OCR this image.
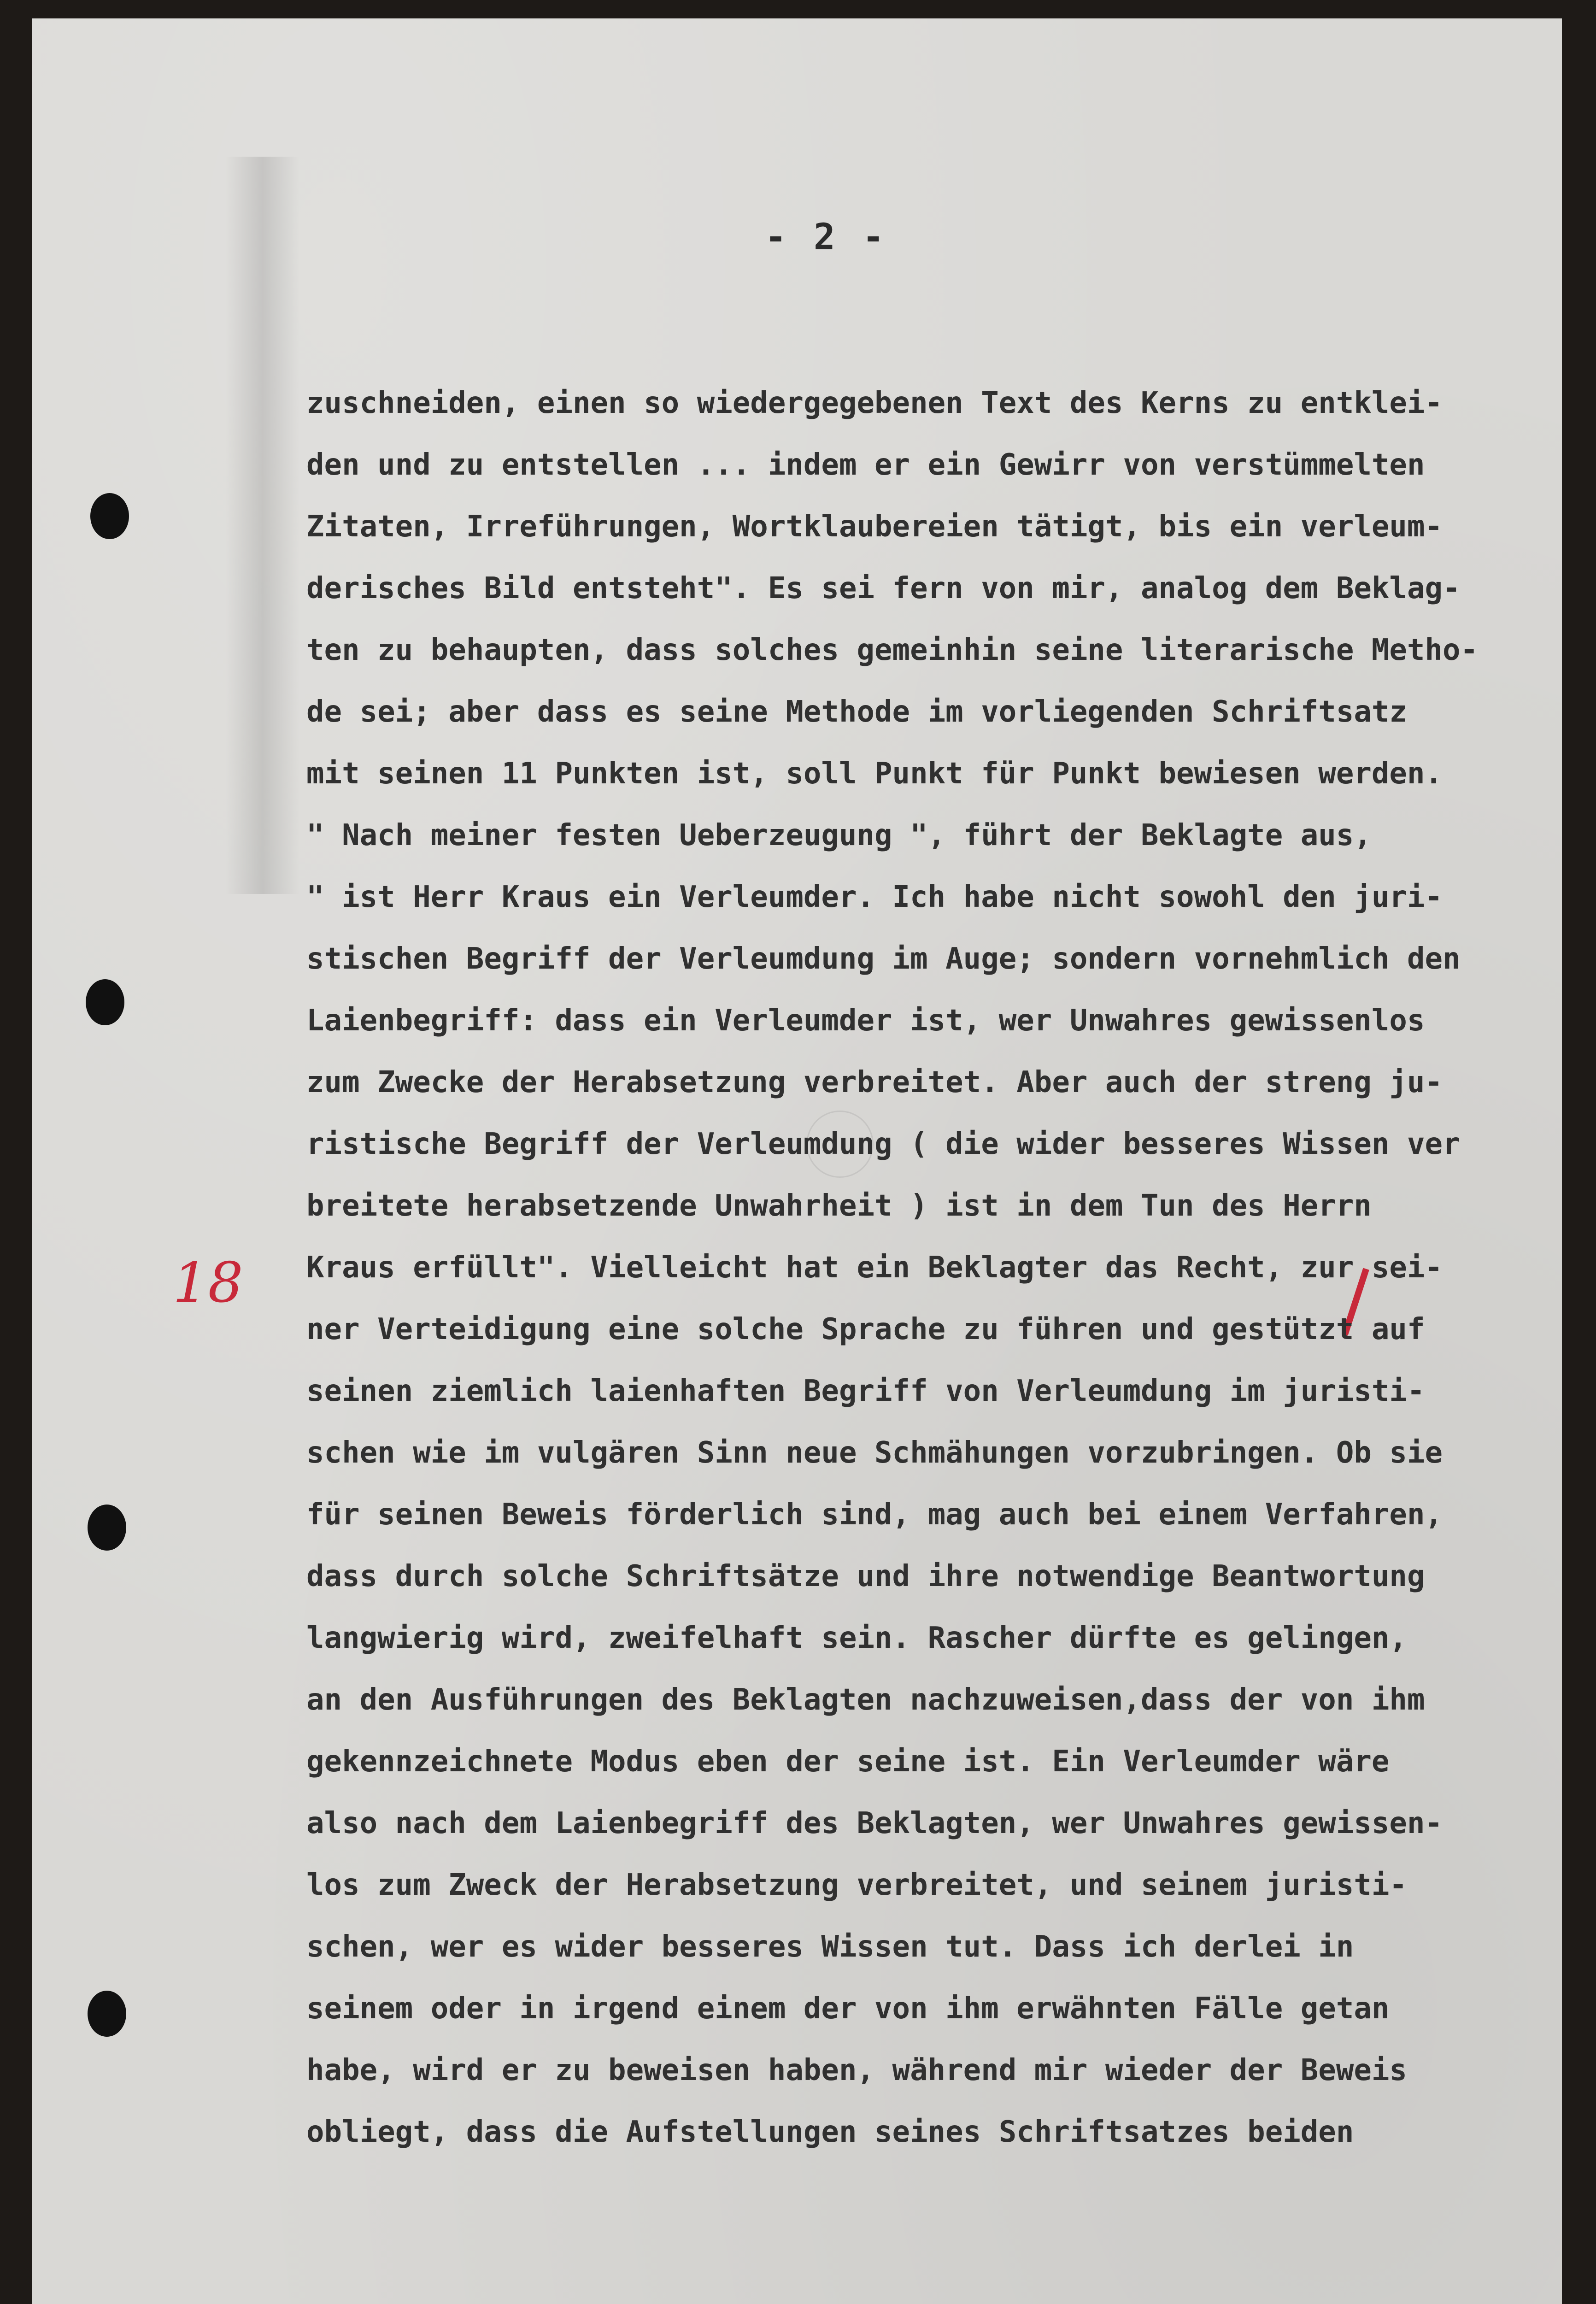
- 2 -
18
zuschneiden, einen so wiedergegebenen Text des Kerns zu entklei-
den und zu entstellen ... indem er ein Gewirr von verstümmelten
Zitaten, Irreführungen, Wortklaubereien tätigt, bis ein verleum-
derisches Bild entsteht". Es sei fern von mir, analog dem Beklag-
ten zu behaupten, dass solches gemeinhin seine literarische Metho-
de sei; aber dass es seine Methode im vorliegenden Schriftsatz
mit seinen 11 Punkten ist, soll Punkt für Punkt bewiesen werden.
" Nach meiner festen Ueberzeugung ", führt der Beklagte aus,
" ist Herr Kraus ein Verleumder. Ich habe nicht sowohl den juri-
stischen Begriff der Verleumdung im Auge; sondern vornehmlich den
Laienbegriff: dass ein Verleumder ist, wer Unwahres gewissenlos
zum Zwecke der Herabsetzung verbreitet. Aber auch der streng ju-
ristische Begriff der Verleumdung ( die wider besseres Wissen ver
breitete herabsetzende Unwahrheit ) ist in dem Tun des Herrn
Kraus erfüllt". Vielleicht hat ein Beklagter das Recht, zur sei-
ner Verteidigung eine solche Sprache zu führen und gestützt auf
seinen ziemlich laienhaften Begriff von Verleumdung im juristi-
schen wie im vulgären Sinn neue Schmähungen vorzubringen. Ob sie
für seinen Beweis förderlich sind, mag auch bei einem Verfahren,
dass durch solche Schriftsätze und ihre notwendige Beantwortung
langwierig wird, zweifelhaft sein. Rascher dürfte es gelingen,
an den Ausführungen des Beklagten nachzuweisen,dass der von ihm
gekennzeichnete Modus eben der seine ist. Ein Verleumder wäre
also nach dem Laienbegriff des Beklagten, wer Unwahres gewissen-
los zum Zweck der Herabsetzung verbreitet, und seinem juristi-
schen, wer es wider besseres Wissen tut. Dass ich derlei in
seinem oder in irgend einem der von ihm erwähnten Fälle getan
habe, wird er zu beweisen haben, während mir wieder der Beweis
obliegt, dass die Aufstellungen seines Schriftsatzes beiden
